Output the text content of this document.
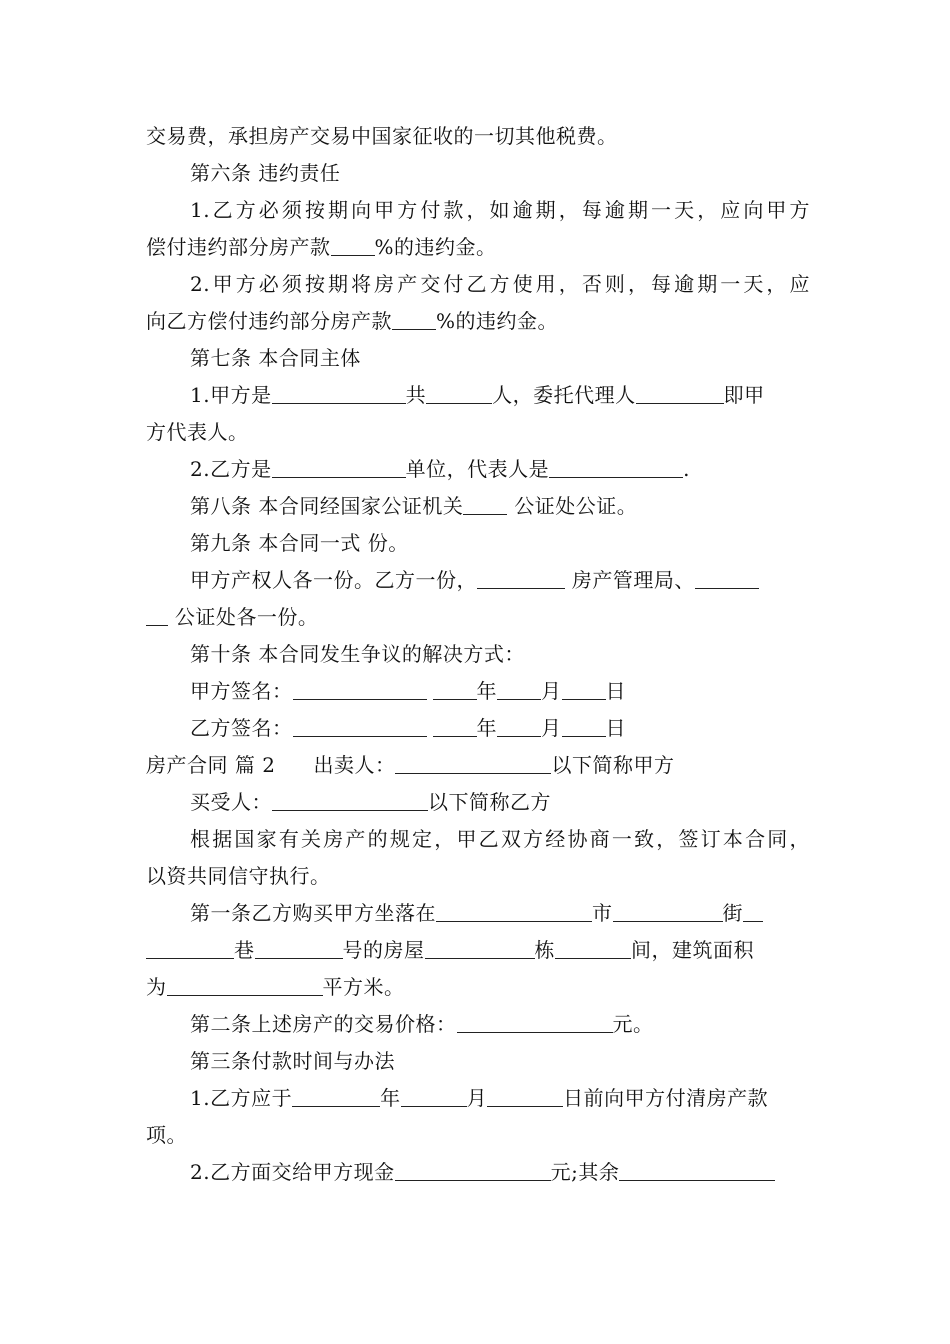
交易费，承担房产交易中国家征收的一切其他税费。
第六条 违约责任
1.乙方必须按期向甲方付款，如逾期，每逾期一天，应向甲方
偿付违约部分房产款 %的违约金。
2.甲方必须按期将房产交付乙方使用，否则，每逾期一天，应
向乙方偿付违约部分房产款 %的违约金。
第七条 本合同主体
1.甲方是	共	人，委托代理人	即甲
方代表人。
2.乙方是	单位，代表人是	.
第八条 本合同经国家公证机关 公证处公证。
第九条 本合同一式 份。
甲方产权人各一份。乙方一份，	房产管理局、
公证处各一份。
第十条 本合同发生争议的解决方式：
甲方签名：	年 月 日
乙方签名：	年 月 日
房产合同 篇 2 出卖人：	以下简称甲方
买受人：	以下简称乙方
根据国家有关房产的规定，甲乙双方经协商一致，签订本合同，
以资共同信守执行。
第一条乙方购买甲方坐落在	市	街
巷	号的房屋	栋	间，建筑面积
为	平方米。
第二条上述房产的交易价格：	元。
第三条付款时间与办法
1.乙方应于	年	月	日前向甲方付清房产款
项。
2.乙方面交给甲方现金	元;其余
